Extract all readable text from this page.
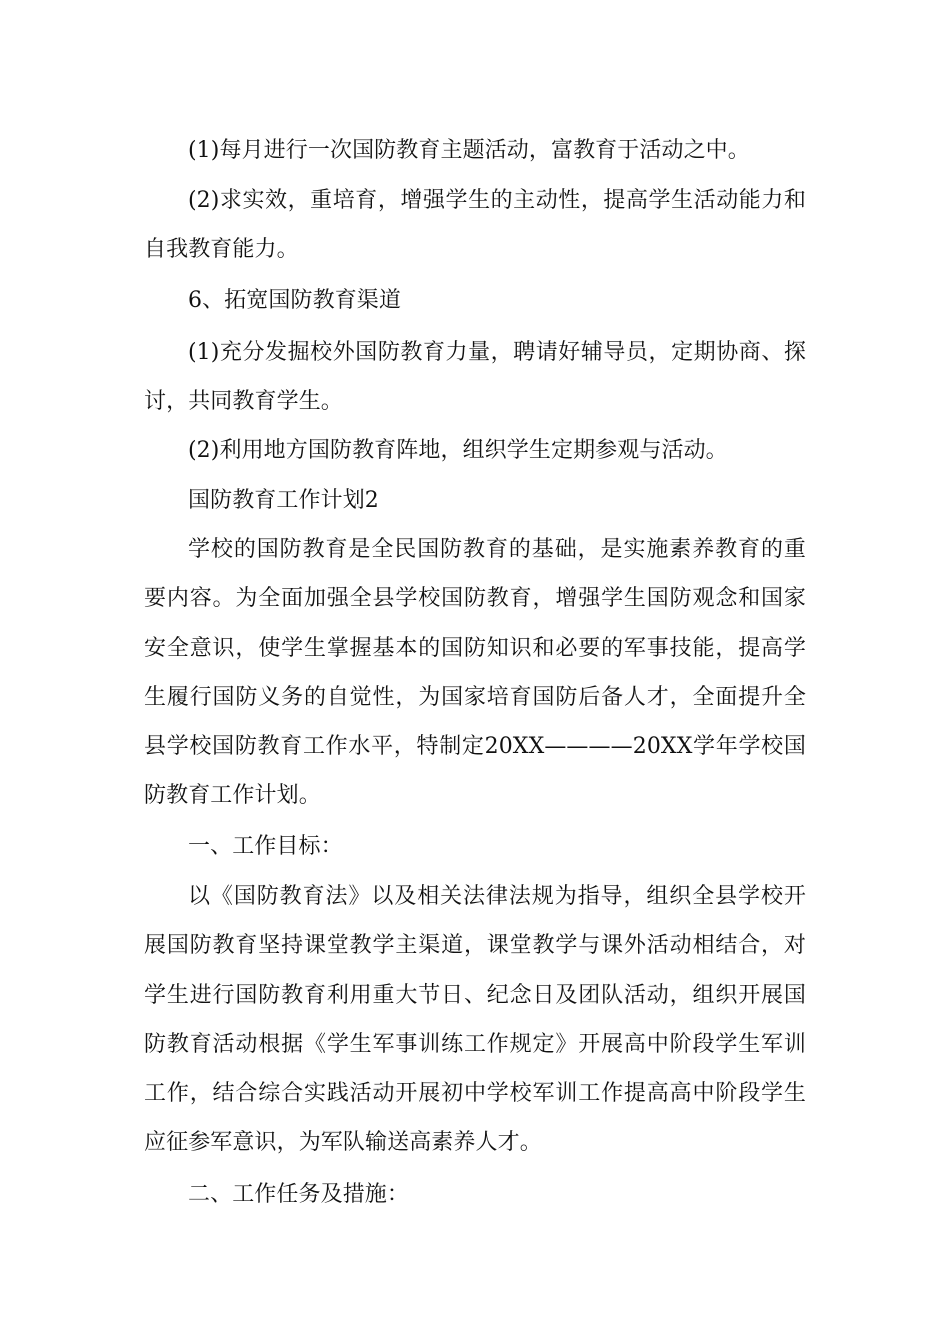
(1)每月进行一次国防教育主题活动，富教育于活动之中。

(2)求实效，重培育，增强学生的主动性，提高学生活动能力和自我教育能力。

6、拓宽国防教育渠道

(1)充分发掘校外国防教育力量，聘请好辅导员，定期协商、探讨，共同教育学生。

(2)利用地方国防教育阵地，组织学生定期参观与活动。

国防教育工作计划2

学校的国防教育是全民国防教育的基础，是实施素养教育的重要内容。为全面加强全县学校国防教育，增强学生国防观念和国家安全意识，使学生掌握基本的国防知识和必要的军事技能，提高学生履行国防义务的自觉性，为国家培育国防后备人才，全面提升全县学校国防教育工作水平，特制定20XX————20XX学年学校国防教育工作计划。

一、工作目标：

以《国防教育法》以及相关法律法规为指导，组织全县学校开展国防教育坚持课堂教学主渠道，课堂教学与课外活动相结合，对学生进行国防教育利用重大节日、纪念日及团队活动，组织开展国防教育活动根据《学生军事训练工作规定》开展高中阶段学生军训工作，结合综合实践活动开展初中学校军训工作提高高中阶段学生应征参军意识，为军队输送高素养人才。

二、工作任务及措施：
